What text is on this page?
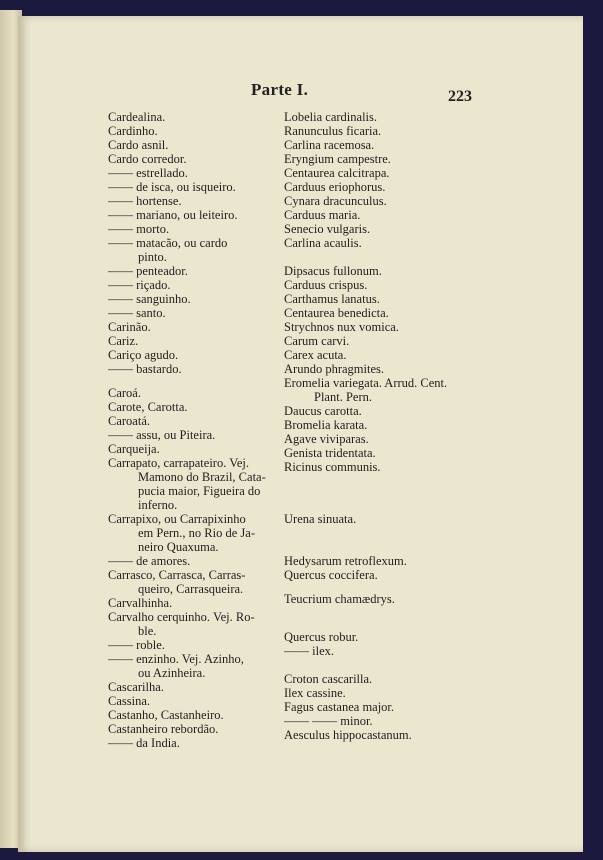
Parte I.	223
Cardealina.
Cardinho.
Cardo asnil.
Cardo corredor.
—— estrellado.
—— de isca, ou isqueiro.
—— hortense.
—— mariano, ou leiteiro.
—— morto.
—— matacão, ou cardo
pinto.
—— penteador.
—— riçado.
—— sanguinho.
—— santo.
Carinão.
Cariz.
Cariço agudo.
—— bastardo.
Caroá.
Carote, Carotta.
Caroatá.
—— assu, ou Piteira.
Carqueija.
Carrapato, carrapateiro. Vej.
Mamono do Brazil, Cata-
pucia maior, Figueira do
inferno.
Carrapixo, ou Carrapixinho
em Pern., no Rio de Ja-
neiro Quaxuma.
—— de amores.
Carrasco, Carrasca, Carras-
queiro, Carrasqueira.
Carvalhinha.
Carvalho cerquinho. Vej. Ro-
ble.
—— roble.
—— enzinho. Vej. Azinho,
ou Azinheira.
Cascarilha.
Cassina.
Castanho, Castanheiro.
Castanheiro rebordão.
—— da India.
Lobelia cardinalis.
Ranunculus ficaria.
Carlina racemosa.
Eryngium campestre.
Centaurea calcitrapa.
Carduus eriophorus.
Cynara dracunculus.
Carduus maria.
Senecio vulgaris.
Carlina acaulis.
Dipsacus fullonum.
Carduus crispus.
Carthamus lanatus.
Centaurea benedicta.
Strychnos nux vomica.
Carum carvi.
Carex acuta.
Arundo phragmites.
Eromelia variegata. Arrud. Cent.
Plant. Pern.
Daucus carotta.
Bromelia karata.
Agave viviparas.
Genista tridentata.
Ricinus communis.
Urena sinuata.
Hedysarum retroflexum.
Quercus coccifera.
Teucrium chamædrys.
Quercus robur.
—— ilex.
Croton cascarilla.
Ilex cassine.
Fagus castanea major.
—— —— minor.
Aesculus hippocastanum.
